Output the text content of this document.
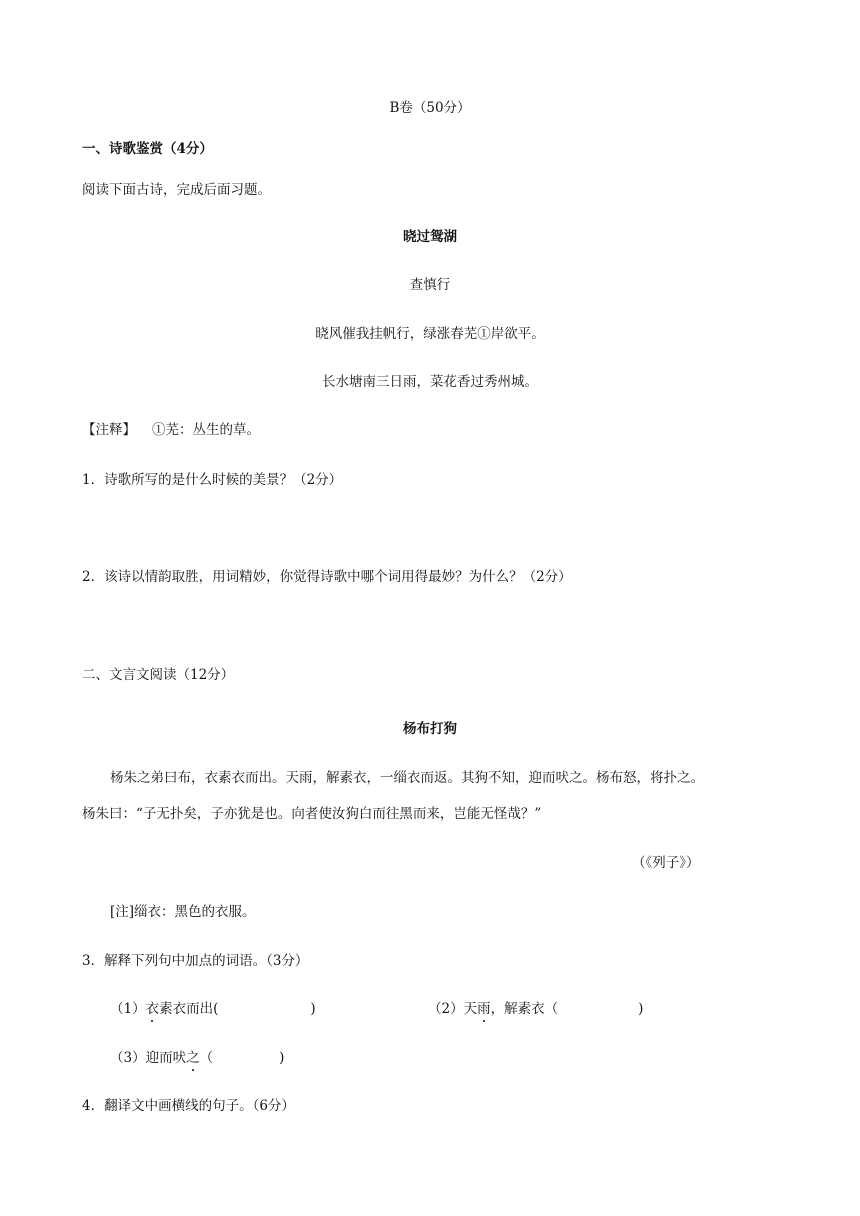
B卷（50分）
一、诗歌鉴赏（4分）
阅读下面古诗，完成后面习题。
晓过鸳湖
查慎行
晓风催我挂帆行，绿涨春芜①岸欲平。
长水塘南三日雨，菜花香过秀州城。
【注释】 ①芜：丛生的草。
1．诗歌所写的是什么时候的美景？（2分）
2．该诗以情韵取胜，用词精妙，你觉得诗歌中哪个词用得最妙？为什么？（2分）
二、文言文阅读（12分）
杨布打狗
杨朱之弟曰布，衣素衣而出。天雨，解素衣，一缁衣而返。其狗不知，迎而吠之。杨布怒，将扑之。
杨朱曰：“子无扑矣，子亦犹是也。向者使汝狗白而往黑而来，岂能无怪哉？”
（《列子》）
[注]缁衣：黑色的衣服。
3．解释下列句中加点的词语。（3分）
（1）衣素衣而出(	)	（2）天雨，解素衣（	)
（3）迎而吠之（	)
4．翻译文中画横线的句子。（6分）
